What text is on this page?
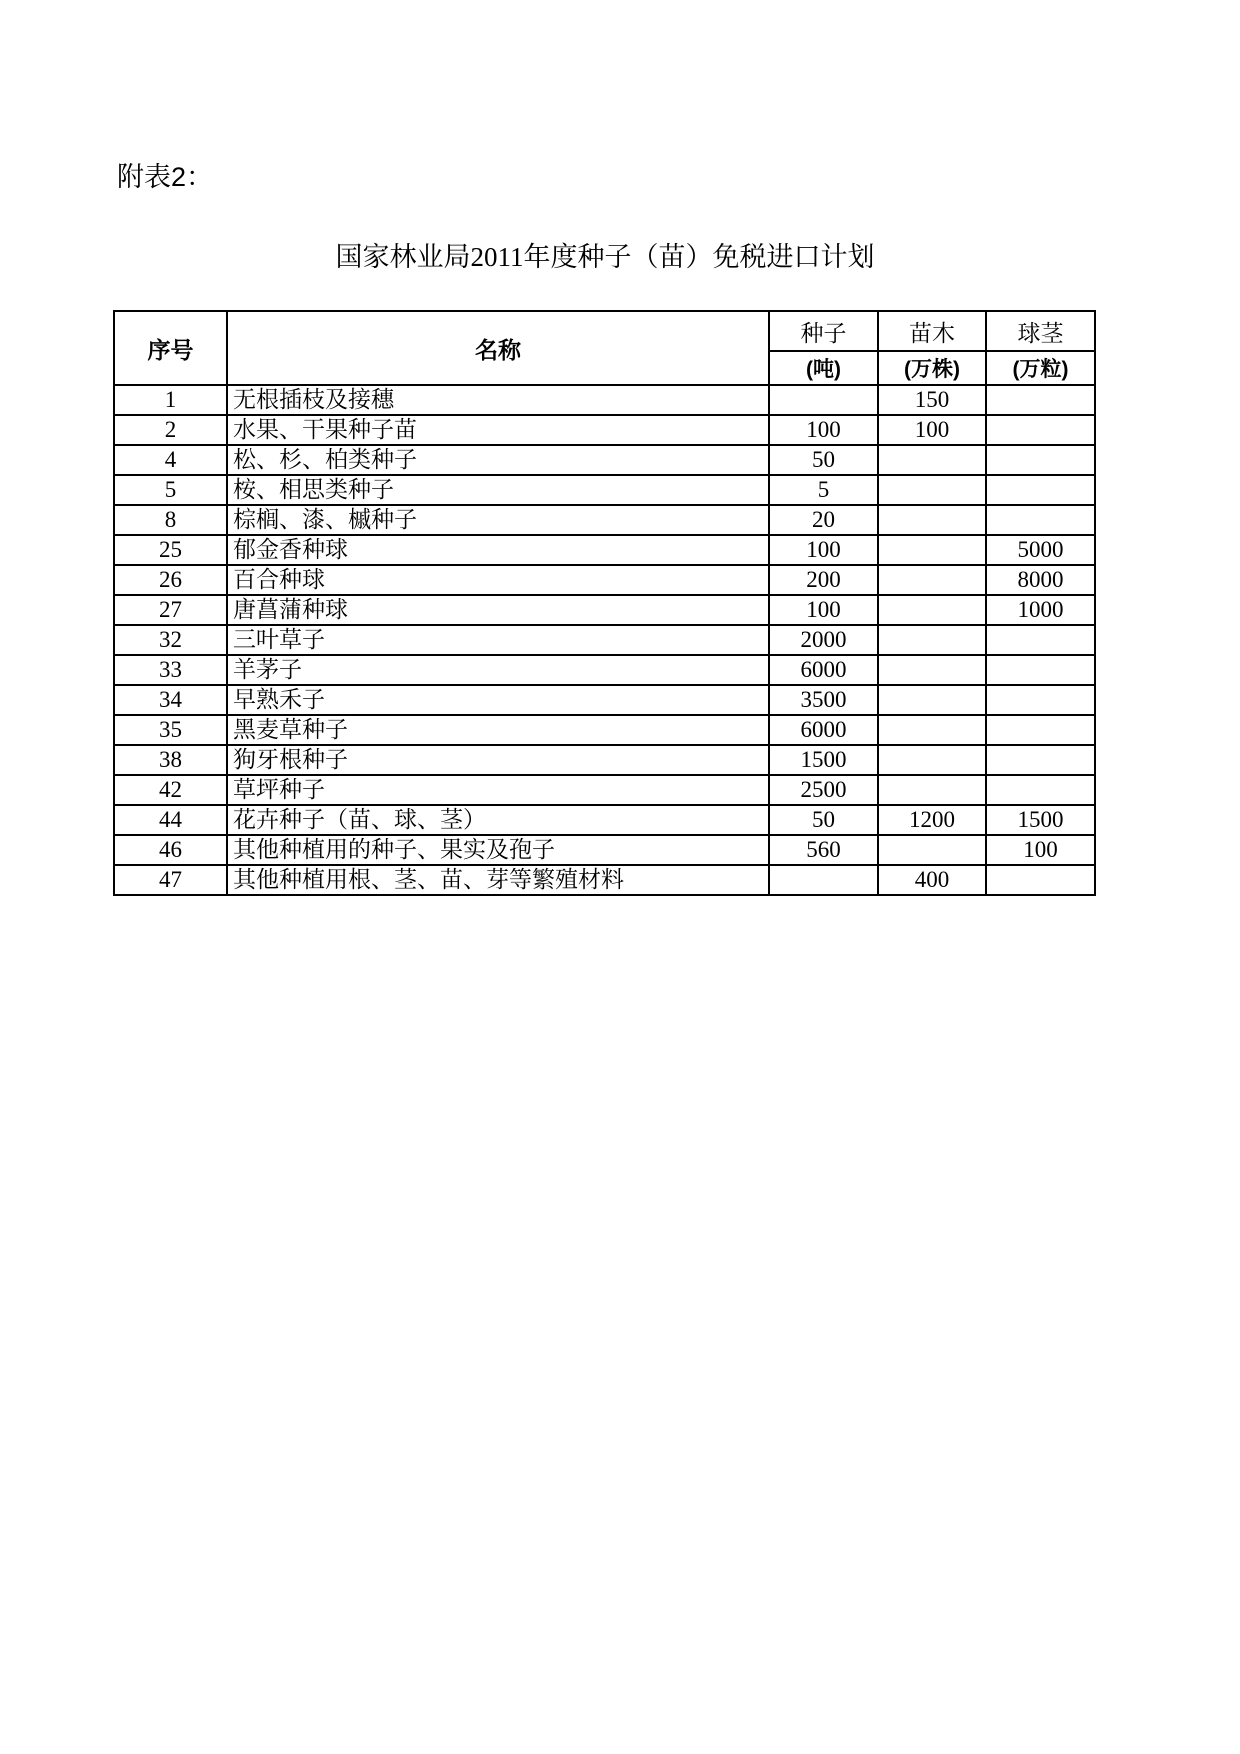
附表2：
国家林业局2011年度种子（苗）免税进口计划
序号	名称	种子	苗木	球茎
		(吨)	(万株)	(万粒)
1	无根插枝及接穗		150	
2	水果、干果种子苗	100	100	
4	松、杉、柏类种子	50		
5	桉、相思类种子	5		
8	棕榈、漆、槭种子	20		
25	郁金香种球	100		5000
26	百合种球	200		8000
27	唐菖蒲种球	100		1000
32	三叶草子	2000		
33	羊茅子	6000		
34	早熟禾子	3500		
35	黑麦草种子	6000		
38	狗牙根种子	1500		
42	草坪种子	2500		
44	花卉种子（苗、球、茎）	50	1200	1500
46	其他种植用的种子、果实及孢子	560		100
47	其他种植用根、茎、苗、芽等繁殖材料		400	
